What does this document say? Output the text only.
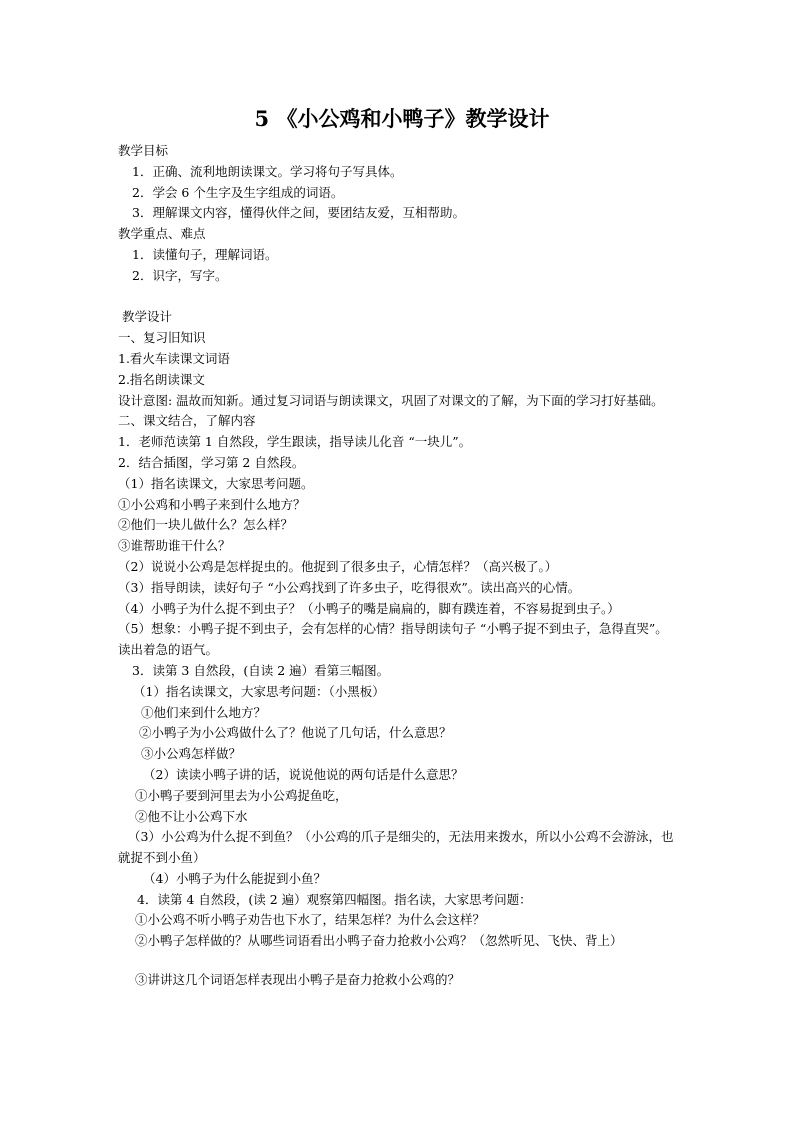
5 《小公鸡和小鸭子》教学设计
教学目标
1．正确、流利地朗读课文。学习将句子写具体。
2．学会 6 个生字及生字组成的词语。
3．理解课文内容，懂得伙伴之间，要团结友爱，互相帮助。
教学重点、难点
1．读懂句子，理解词语。
2．识字，写字。
教学设计
一、复习旧知识
1.看火车读课文词语
2.指名朗读课文
设计意图: 温故而知新。通过复习词语与朗读课文，巩固了对课文的了解，为下面的学习打好基础。
二、课文结合，了解内容
1．老师范读第 1 自然段，学生跟读，指导读儿化音 “一块儿”。
2．结合插图，学习第 2 自然段。
（1）指名读课文，大家思考问题。
①小公鸡和小鸭子来到什么地方？
②他们一块儿做什么？怎么样？
③谁帮助谁干什么？
（2）说说小公鸡是怎样捉虫的。他捉到了很多虫子，心情怎样？（高兴极了。）
（3）指导朗读，读好句子 “小公鸡找到了许多虫子，吃得很欢”。读出高兴的心情。
（4）小鸭子为什么捉不到虫子？（小鸭子的嘴是扁扁的，脚有蹼连着，不容易捉到虫子。）
（5）想象：小鸭子捉不到虫子，会有怎样的心情？指导朗读句子 “小鸭子捉不到虫子，急得直哭”。读出着急的语气。
3．读第 3 自然段，(自读 2 遍）看第三幅图。
（1）指名读课文，大家思考问题：（小黑板）
①他们来到什么地方？
②小鸭子为小公鸡做什么了？他说了几句话，什么意思？
③小公鸡怎样做？
（2）读读小鸭子讲的话，说说他说的两句话是什么意思？
①小鸭子要到河里去为小公鸡捉鱼吃，
②他不让小公鸡下水
（3）小公鸡为什么捉不到鱼？（小公鸡的爪子是细尖的，无法用来拨水，所以小公鸡不会游泳，也就捉不到小鱼）
（4）小鸭子为什么能捉到小鱼？
4．读第 4 自然段，(读 2 遍）观察第四幅图。指名读，大家思考问题：
①小公鸡不听小鸭子劝告也下水了，结果怎样？为什么会这样？
②小鸭子怎样做的？从哪些词语看出小鸭子奋力抢救小公鸡？（忽然听见、飞快、背上）
③讲讲这几个词语怎样表现出小鸭子是奋力抢救小公鸡的？
